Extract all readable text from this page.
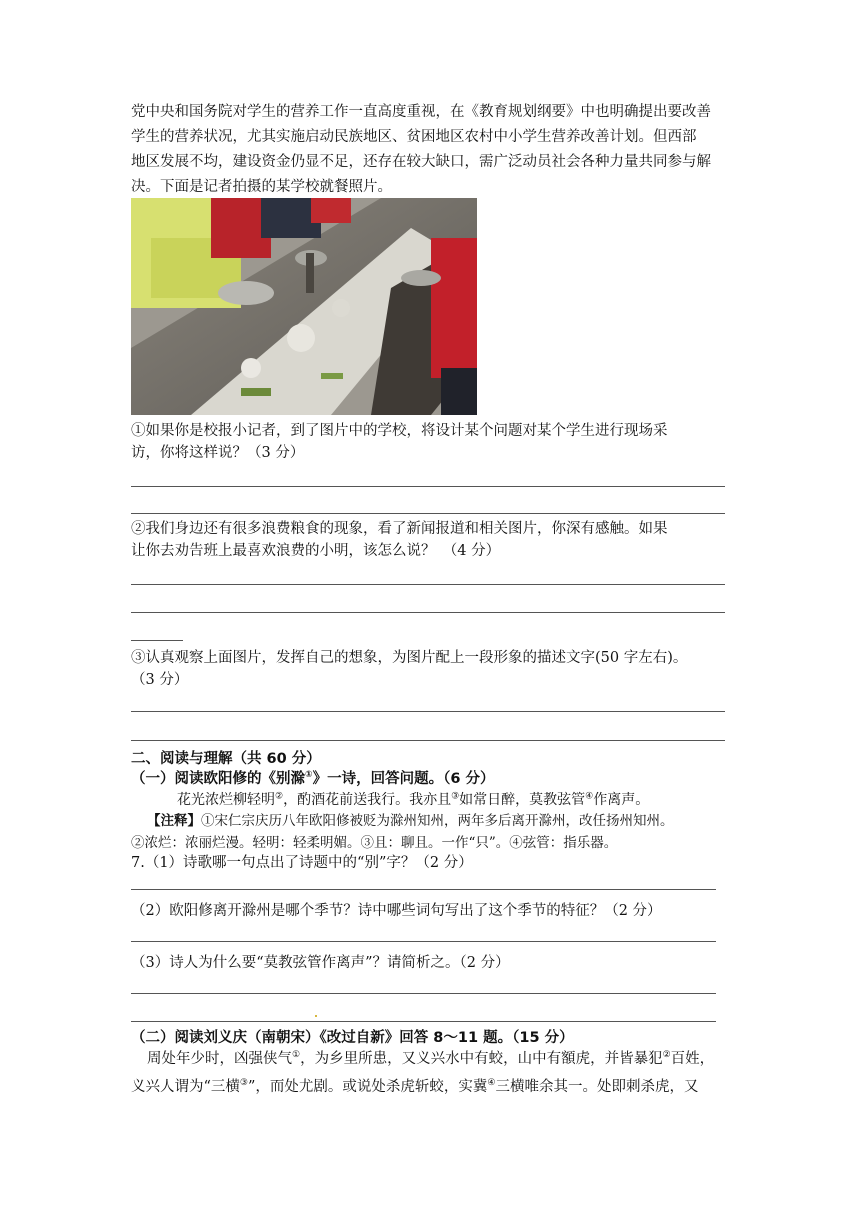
党中央和国务院对学生的营养工作一直高度重视，在《教育规划纲要》中也明确提出要改善
学生的营养状况，尤其实施启动民族地区、贫困地区农村中小学生营养改善计划。但西部
地区发展不均，建设资金仍显不足，还存在较大缺口，需广泛动员社会各种力量共同参与解
决。下面是记者拍摄的某学校就餐照片。
①如果你是校报小记者，到了图片中的学校，将设计某个问题对某个学生进行现场采
访，你将这样说？（3 分）
②我们身边还有很多浪费粮食的现象，看了新闻报道和相关图片，你深有感触。如果
让你去劝告班上最喜欢浪费的小明，该怎么说？　（4 分）
③认真观察上面图片，发挥自己的想象，为图片配上一段形象的描述文字(50 字左右)。
（3 分）
二、阅读与理解（共 60 分）
（一）阅读欧阳修的《别滁①》一诗，回答问题。（6 分）
花光浓烂柳轻明②，酌酒花前送我行。我亦且③如常日醉，莫教弦管④作离声。
【注释】①宋仁宗庆历八年欧阳修被贬为滁州知州，两年多后离开滁州，改任扬州知州。
②浓烂：浓丽烂漫。轻明：轻柔明媚。③且：聊且。一作“只”。④弦管：指乐器。
7.（1）诗歌哪一句点出了诗题中的“别”字？（2 分）
（2）欧阳修离开滁州是哪个季节？诗中哪些词句写出了这个季节的特征？（2 分）
（3）诗人为什么要“莫教弦管作离声”？请简析之。（2 分）
（二）阅读刘义庆（南朝宋）《改过自新》回答 8～11 题。（15 分）
周处年少时，凶强侠气①，为乡里所患，又义兴水中有蛟，山中有額虎，并皆暴犯②百姓，
义兴人谓为“三横③”，而处尤剧。或说处杀虎斩蛟，实冀④三横唯余其一。处即刺杀虎，又
